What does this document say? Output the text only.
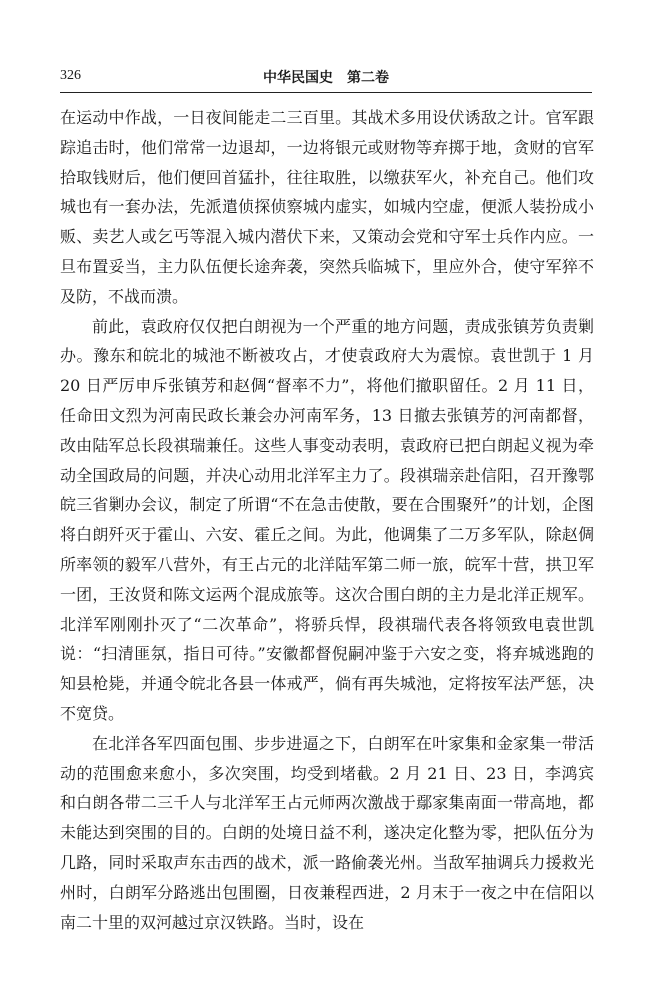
326	中华民国史　第二卷

在运动中作战，一日夜间能走二三百里。其战术多用设伏诱敌之计。官军跟踪追击时，他们常常一边退却，一边将银元或财物等弃掷于地，贪财的官军拾取钱财后，他们便回首猛扑，往往取胜，以缴获军火，补充自己。他们攻城也有一套办法，先派遣侦探侦察城内虚实，如城内空虚，便派人装扮成小贩、卖艺人或乞丐等混入城内潜伏下来，又策动会党和守军士兵作内应。一旦布置妥当，主力队伍便长途奔袭，突然兵临城下，里应外合，使守军猝不及防，不战而溃。

前此，袁政府仅仅把白朗视为一个严重的地方问题，责成张镇芳负责剿办。豫东和皖北的城池不断被攻占，才使袁政府大为震惊。袁世凯于 1 月 20 日严厉申斥张镇芳和赵倜“督率不力”，将他们撤职留任。2 月 11 日，任命田文烈为河南民政长兼会办河南军务，13 日撤去张镇芳的河南都督，改由陆军总长段祺瑞兼任。这些人事变动表明，袁政府已把白朗起义视为牵动全国政局的问题，并决心动用北洋军主力了。段祺瑞亲赴信阳，召开豫鄂皖三省剿办会议，制定了所谓“不在急击使散，要在合围聚歼”的计划，企图将白朗歼灭于霍山、六安、霍丘之间。为此，他调集了二万多军队，除赵倜所率领的毅军八营外，有王占元的北洋陆军第二师一旅，皖军十营，拱卫军一团，王汝贤和陈文运两个混成旅等。这次合围白朗的主力是北洋正规军。北洋军刚刚扑灭了“二次革命”，将骄兵悍，段祺瑞代表各将领致电袁世凯说：“扫清匪氛，指日可待。”安徽都督倪嗣冲鉴于六安之变，将弃城逃跑的知县枪毙，并通令皖北各县一体戒严，倘有再失城池，定将按军法严惩，决不宽贷。

在北洋各军四面包围、步步进逼之下，白朗军在叶家集和金家集一带活动的范围愈来愈小，多次突围，均受到堵截。2 月 21 日、23 日，李鸿宾和白朗各带二三千人与北洋军王占元师两次激战于鄢家集南面一带高地，都未能达到突围的目的。白朗的处境日益不利，遂决定化整为零，把队伍分为几路，同时采取声东击西的战术，派一路偷袭光州。当敌军抽调兵力援救光州时，白朗军分路逃出包围圈，日夜兼程西进，2 月末于一夜之中在信阳以南二十里的双河越过京汉铁路。当时，设在
